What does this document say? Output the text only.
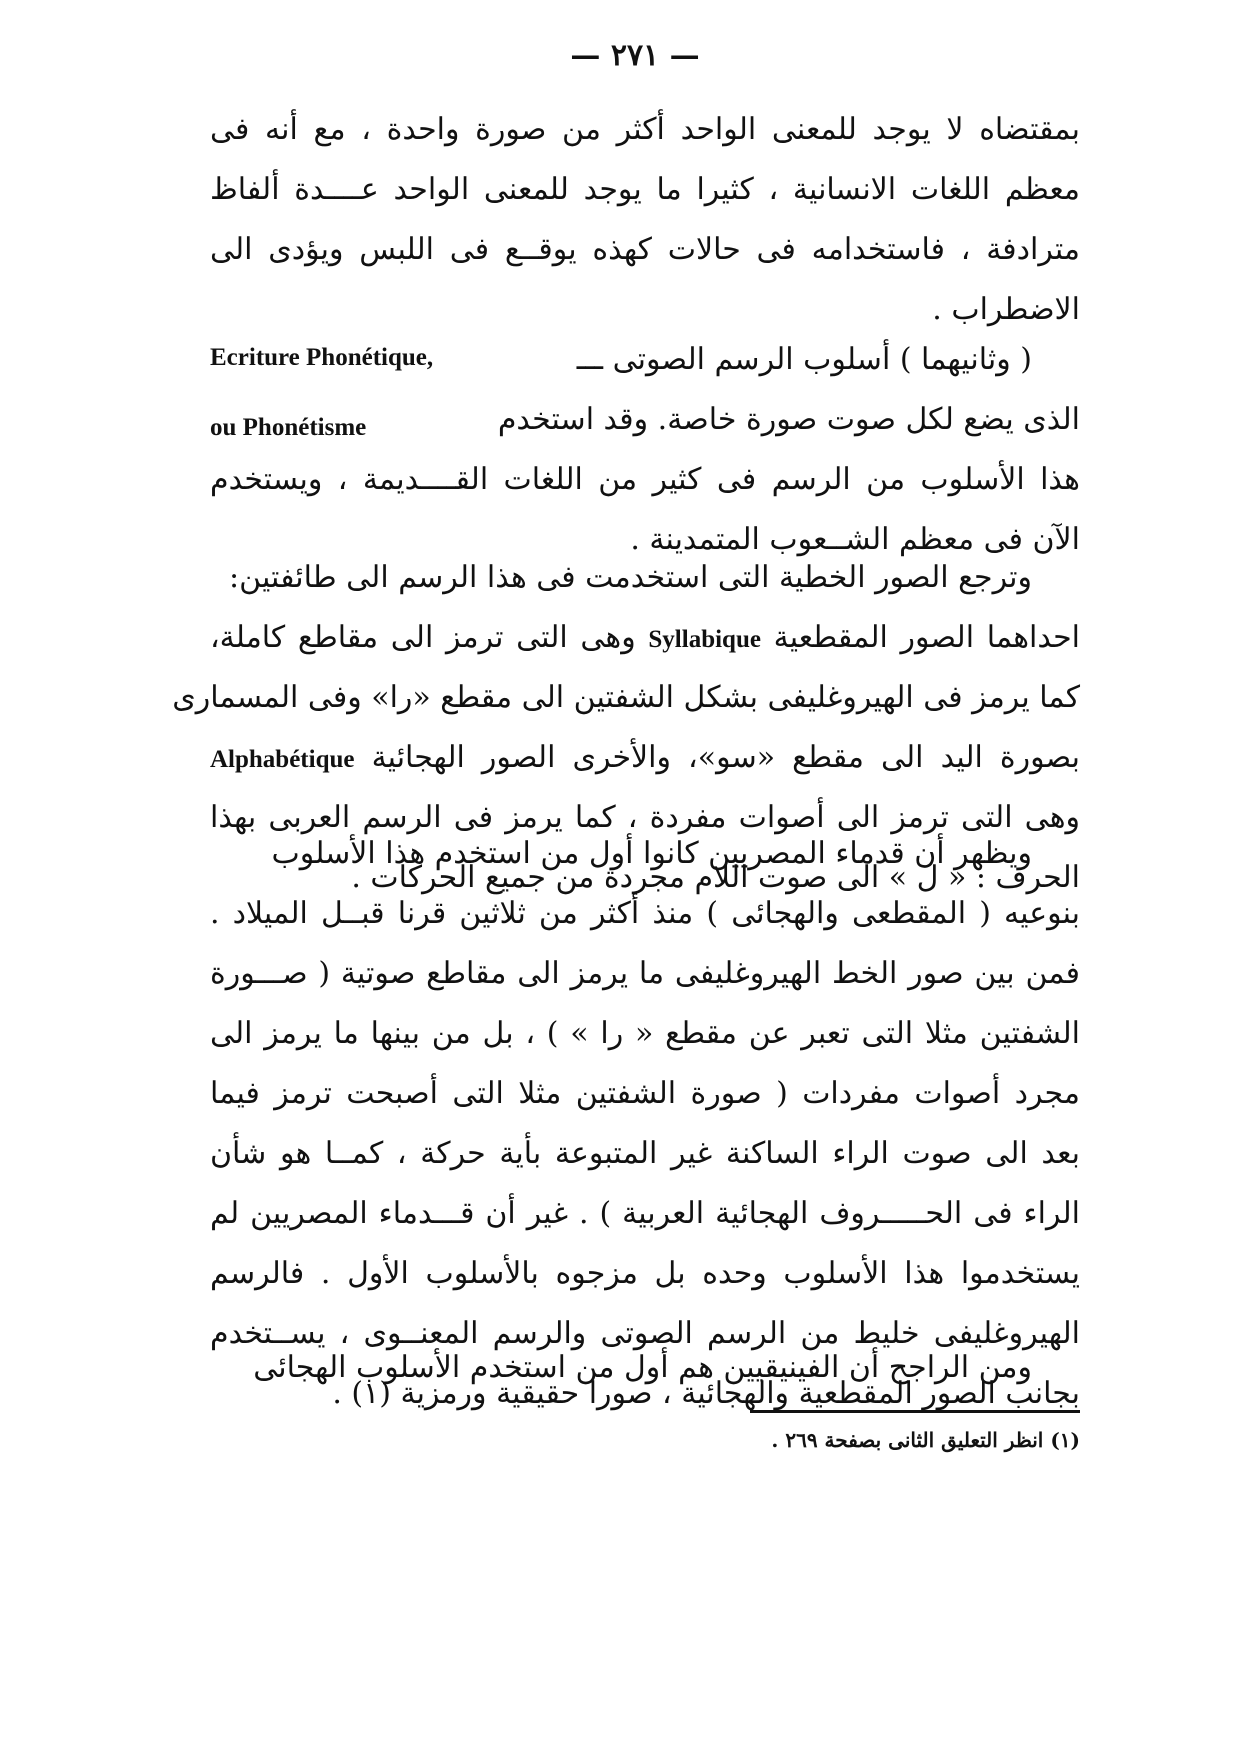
— ٢٧١ —
بمقتضاه لا يوجد للمعنى الواحد أكثر من صورة واحدة ، مع أنه فى
معظم اللغات الانسانية ، كثيرا ما يوجد للمعنى الواحد عــــدة ألفاظ
مترادفة ، فاستخدامه فى حالات كهذه يوقــع فى اللبس ويؤدى الى
الاضطراب .
( وثانيهما ) أسلوب الرسم الصوتى ـــ
Ecriture Phonétique,
الذى يضع لكل صوت صورة خاصة. وقد استخدم
ou Phonétisme
هذا الأسلوب من الرسم فى كثير من اللغات القــــديمة ، ويستخدم
الآن فى معظم الشــعوب المتمدينة .
وترجع الصور الخطية التى استخدمت فى هذا الرسم الى طائفتين:
احداهما الصور المقطعية Syllabique وهى التى ترمز الى مقاطع كاملة،
كما يرمز فى الهيروغليفى بشكل الشفتين الى مقطع «را» وفى المسمارى
بصورة اليد الى مقطع «سو»، والأخرى الصور الهجائية Alphabétique
وهى التى ترمز الى أصوات مفردة ، كما يرمز فى الرسم العربى بهذا
الحرف : « ل » الى صوت اللام مجردة من جميع الحركات .
ويظهر أن قدماء المصريين كانوا أول من استخدم هذا الأسلوب
بنوعيه ( المقطعى والهجائى ) منذ أكثر من ثلاثين قرنا قبــل الميلاد .
فمن بين صور الخط الهيروغليفى ما يرمز الى مقاطع صوتية ( صـــورة
الشفتين مثلا التى تعبر عن مقطع « را » ) ، بل من بينها ما يرمز الى
مجرد أصوات مفردات ( صورة الشفتين مثلا التى أصبحت ترمز فيما
بعد الى صوت الراء الساكنة غير المتبوعة بأية حركة ، كمــا هو شأن
الراء فى الحـــــروف الهجائية العربية ) . غير أن قـــدماء المصريين لم
يستخدموا هذا الأسلوب وحده بل مزجوه بالأسلوب الأول . فالرسم
الهيروغليفى خليط من الرسم الصوتى والرسم المعنــوى ، يســتخدم
بجانب الصور المقطعية والهجائية ، صورا حقيقية ورمزية (١) .
ومن الراجح أن الفينيقيين هم أول من استخدم الأسلوب الهجائى
(١) انظر التعليق الثانى بصفحة ٢٦٩ .
